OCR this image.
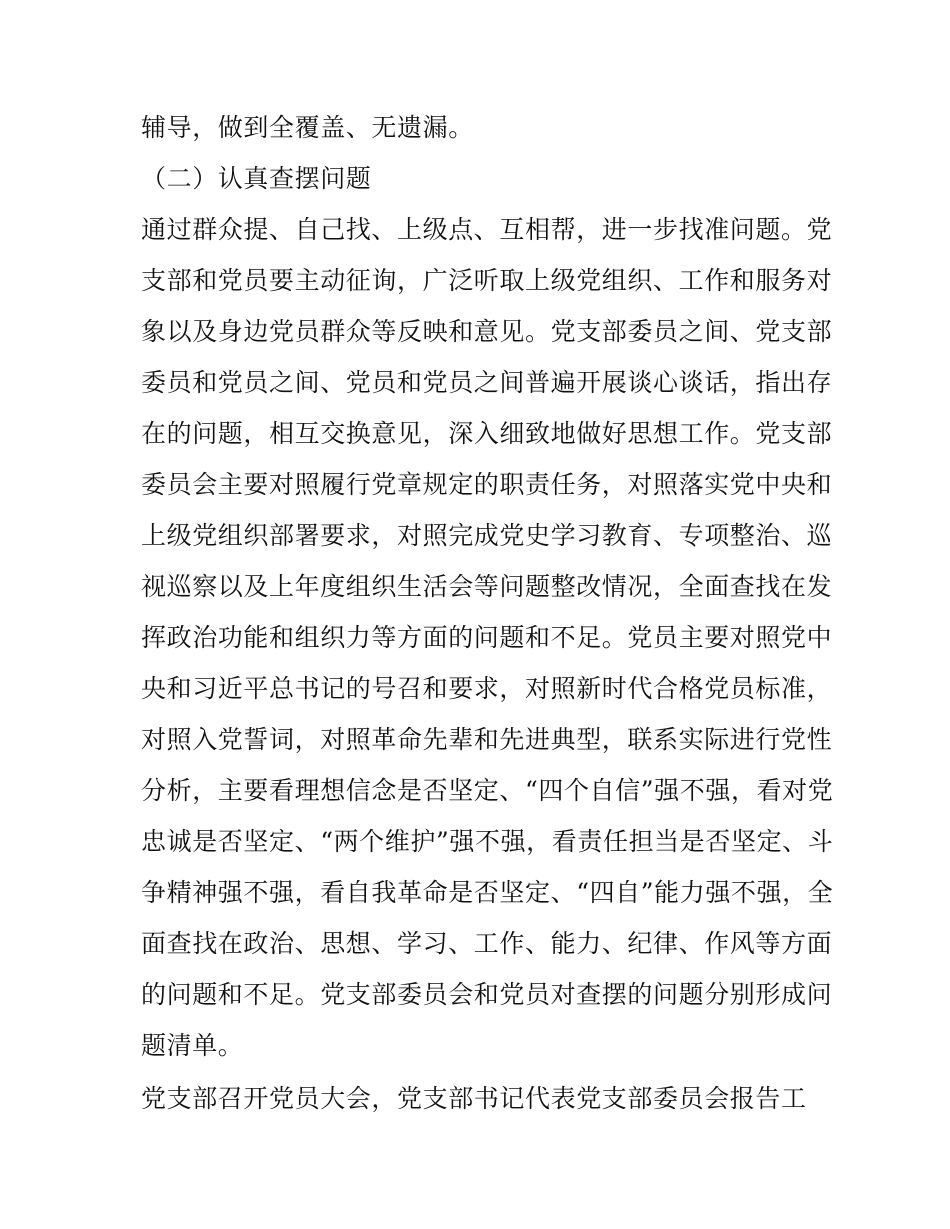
辅导，做到全覆盖、无遗漏。
（二）认真查摆问题
通过群众提、自己找、上级点、互相帮，进一步找准问题。党
支部和党员要主动征询，广泛听取上级党组织、工作和服务对
象以及身边党员群众等反映和意见。党支部委员之间、党支部
委员和党员之间、党员和党员之间普遍开展谈心谈话，指出存
在的问题，相互交换意见，深入细致地做好思想工作。党支部
委员会主要对照履行党章规定的职责任务，对照落实党中央和
上级党组织部署要求，对照完成党史学习教育、专项整治、巡
视巡察以及上年度组织生活会等问题整改情况，全面查找在发
挥政治功能和组织力等方面的问题和不足。党员主要对照党中
央和习近平总书记的号召和要求，对照新时代合格党员标准，
对照入党誓词，对照革命先辈和先进典型，联系实际进行党性
分析，主要看理想信念是否坚定、“四个自信”强不强，看对党
忠诚是否坚定、“两个维护”强不强，看责任担当是否坚定、斗
争精神强不强，看自我革命是否坚定、“四自”能力强不强，全
面查找在政治、思想、学习、工作、能力、纪律、作风等方面
的问题和不足。党支部委员会和党员对查摆的问题分别形成问
题清单。
党支部召开党员大会，党支部书记代表党支部委员会报告工
